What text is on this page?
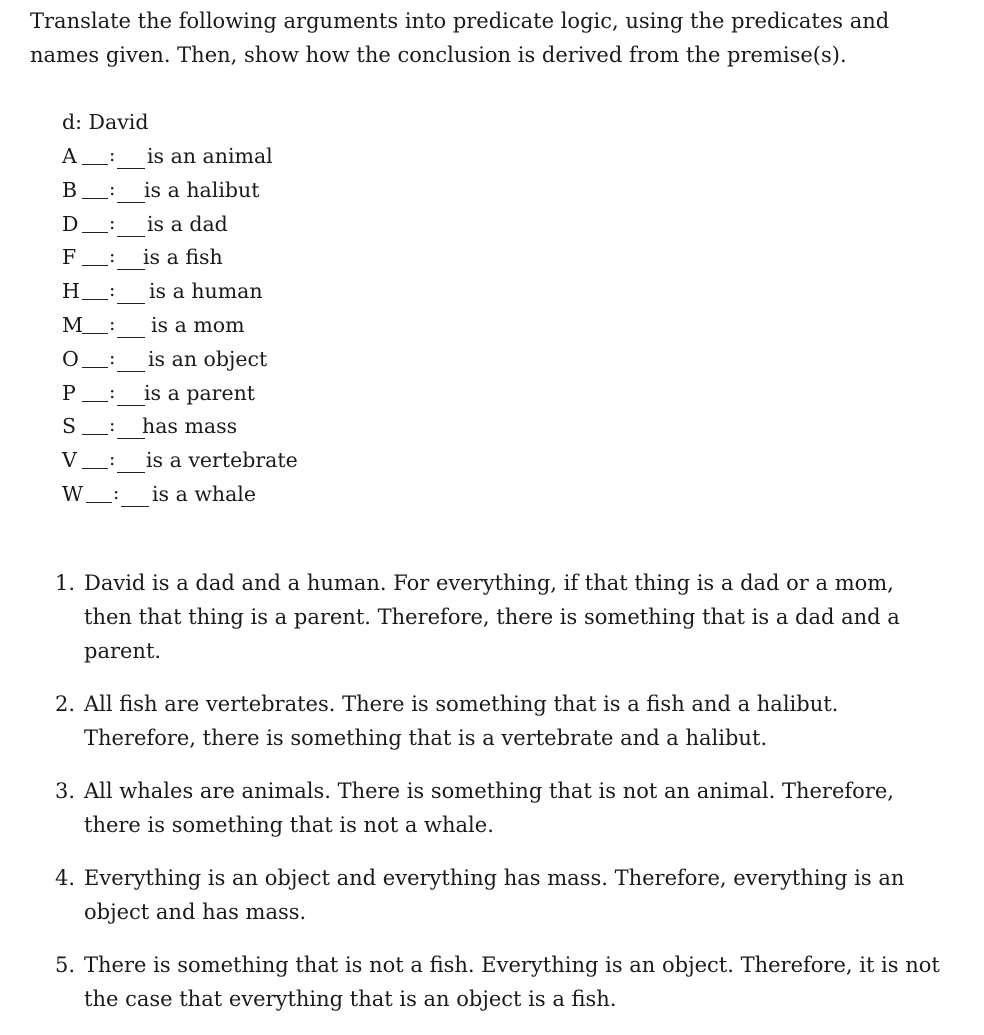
Translate the following arguments into predicate logic, using the predicates and names given. Then, show how the conclusion is derived from the premise(s).

d: David

A : is an animal
B : is a halibut
D : is a dad
F : is a fish
H : is a human
M : is a mom
O : is an object
P : is a parent
S : has mass
V : is a vertebrate
W : is a whale
1. David is a dad and a human. For everything, if that thing is a dad or a mom, then that thing is a parent. Therefore, there is something that is a dad and a parent.
2. All fish are vertebrates. There is something that is a fish and a halibut. Therefore, there is something that is a vertebrate and a halibut.
3. All whales are animals. There is something that is not an animal. Therefore, there is something that is not a whale.
4. Everything is an object and everything has mass. Therefore, everything is an object and has mass.
5. There is something that is not a fish. Everything is an object. Therefore, it is not the case that everything that is an object is a fish.
